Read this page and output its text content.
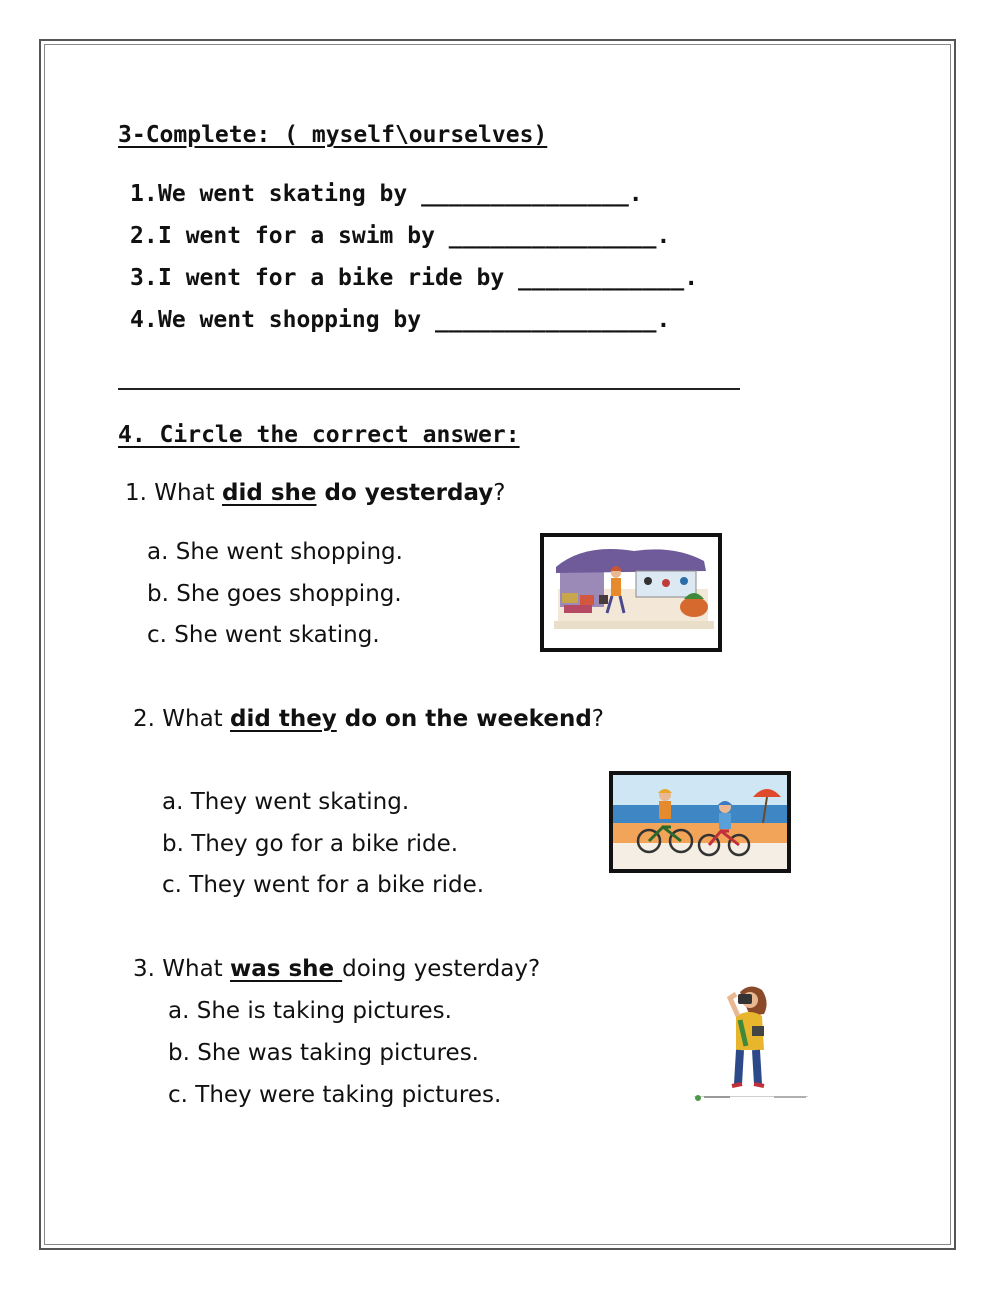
3-Complete: ( myself\ourselves)
1.We went skating by _______________.
2.I went for a swim by _______________.
3.I went for a bike ride by ____________.
4.We went shopping by ________________.
4. Circle the correct answer:
1. What did she do yesterday?
a. She went shopping.
b. She goes shopping.
c. She went skating.
2. What did they do on the weekend?
a. They went skating.
b. They go for a bike ride.
c. They went for a bike ride.
3. What was she doing yesterday?
a. She is taking pictures.
b. She was taking pictures.
c. They were taking pictures.
